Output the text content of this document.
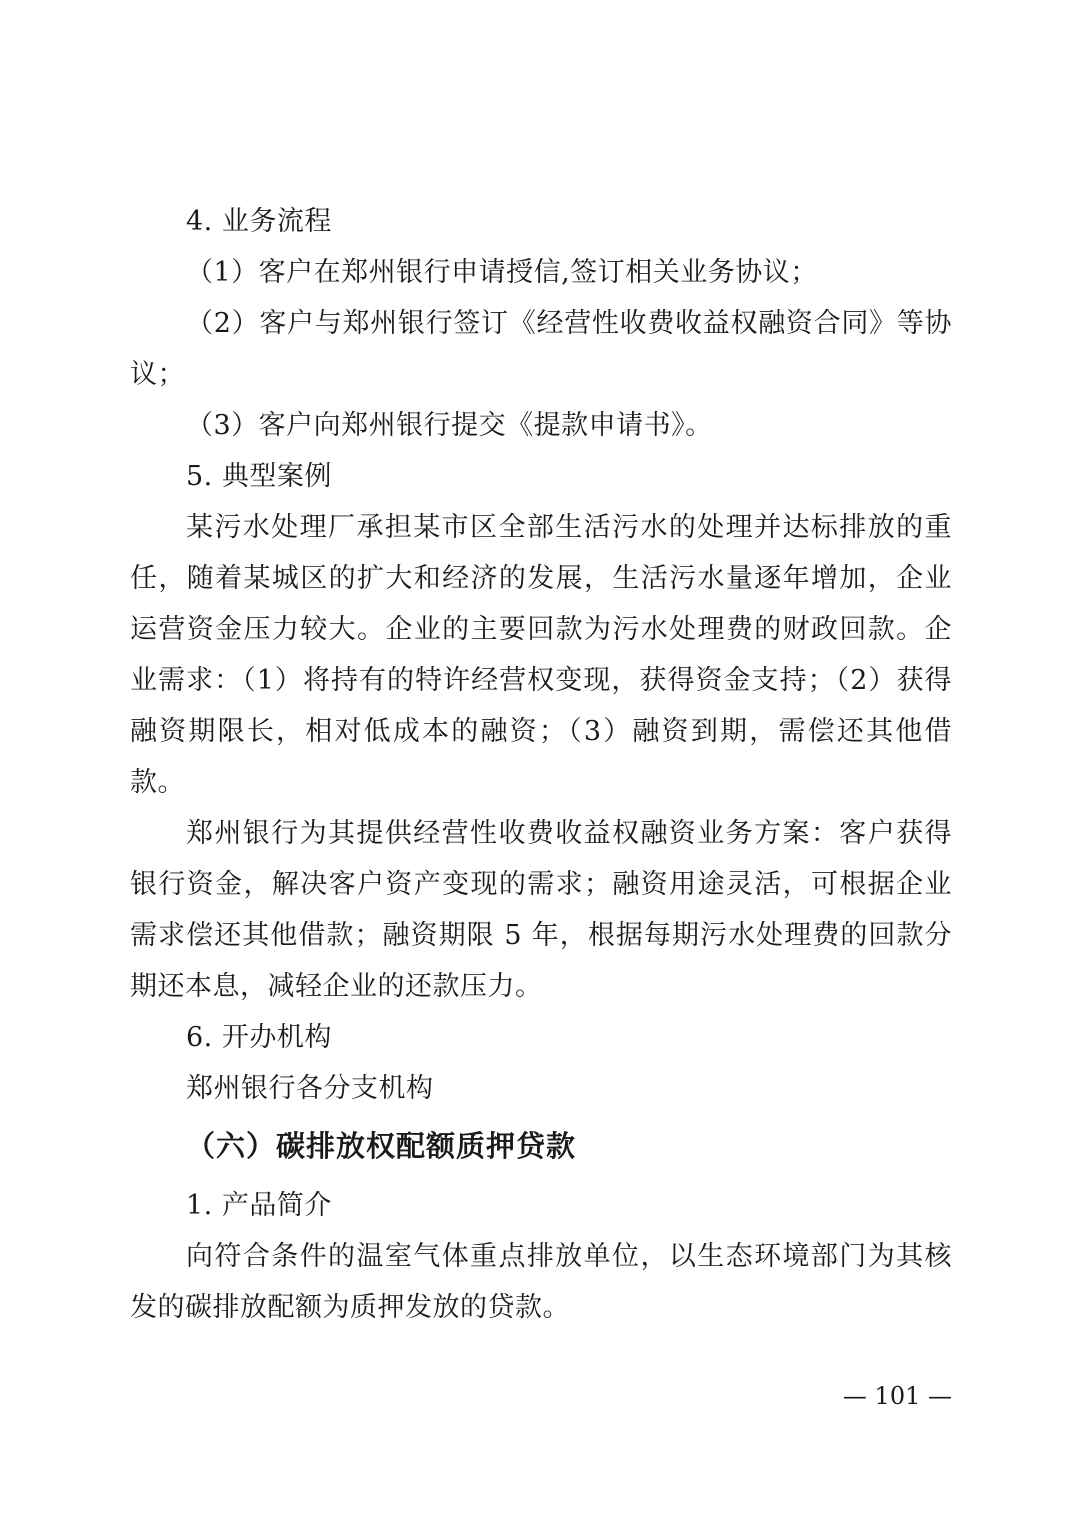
4. 业务流程

（1）客户在郑州银行申请授信,签订相关业务协议；

（2）客户与郑州银行签订《经营性收费收益权融资合同》等协议；

（3）客户向郑州银行提交《提款申请书》。

5. 典型案例

某污水处理厂承担某市区全部生活污水的处理并达标排放的重任，随着某城区的扩大和经济的发展，生活污水量逐年增加，企业运营资金压力较大。企业的主要回款为污水处理费的财政回款。企业需求：（1）将持有的特许经营权变现，获得资金支持；（2）获得融资期限长，相对低成本的融资；（3）融资到期，需偿还其他借款。

郑州银行为其提供经营性收费收益权融资业务方案：客户获得银行资金，解决客户资产变现的需求；融资用途灵活，可根据企业需求偿还其他借款；融资期限 5 年，根据每期污水处理费的回款分期还本息，减轻企业的还款压力。

6. 开办机构

郑州银行各分支机构

（六）碳排放权配额质押贷款

1. 产品简介

向符合条件的温室气体重点排放单位，以生态环境部门为其核发的碳排放配额为质押发放的贷款。

— 101 —
